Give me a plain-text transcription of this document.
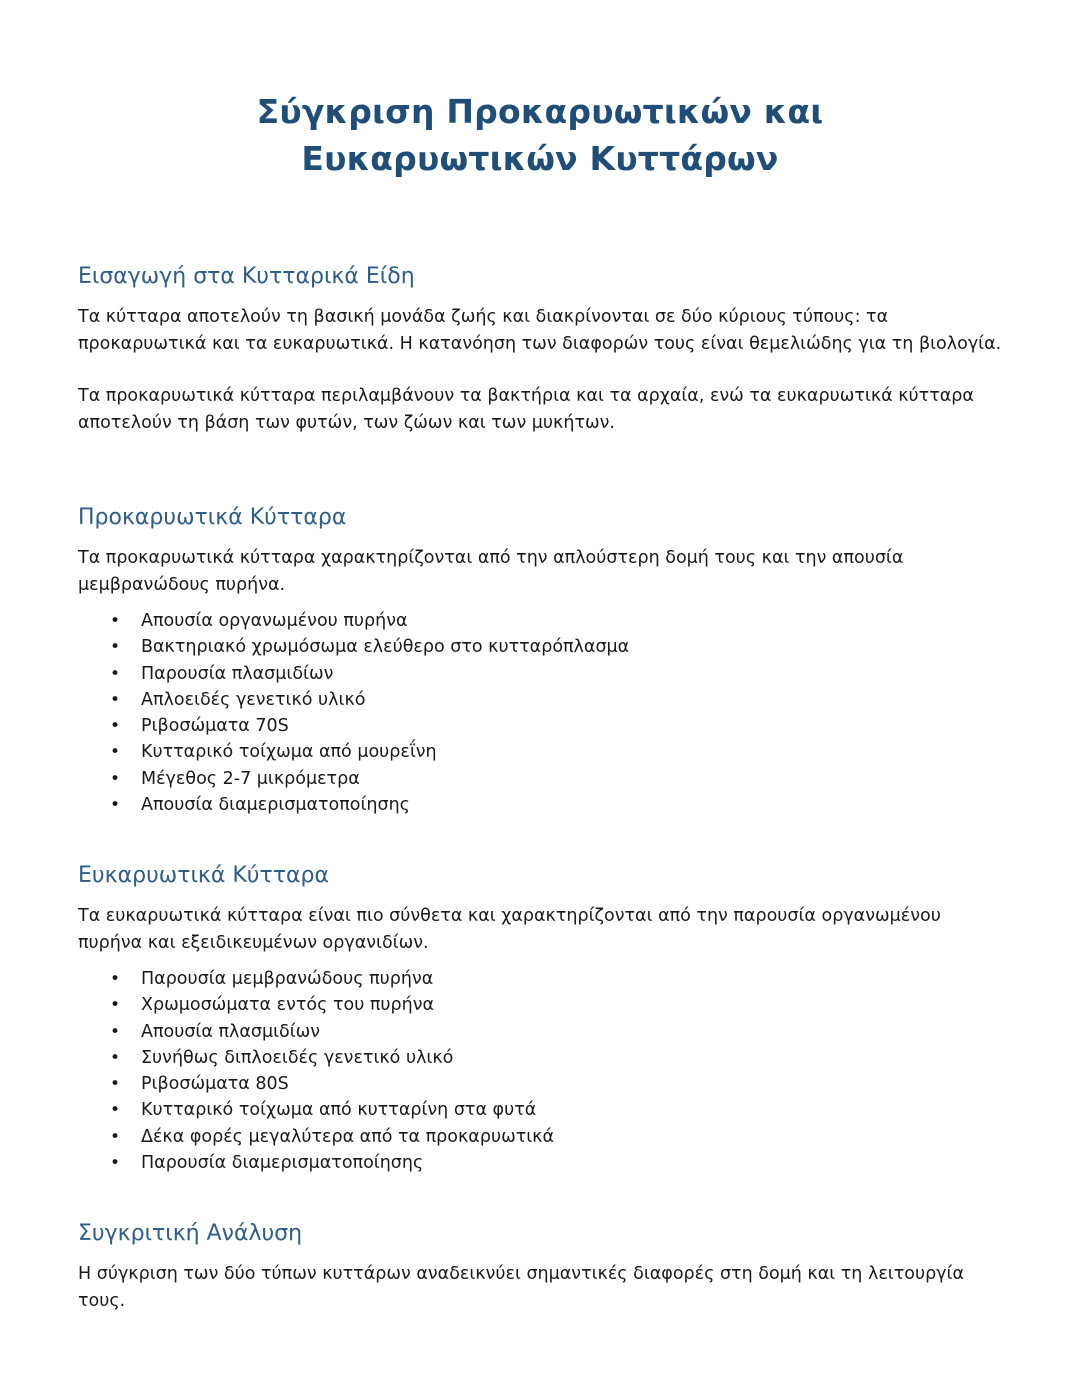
Σύγκριση Προκαρυωτικών και Ευκαρυωτικών Κυττάρων
Εισαγωγή στα Κυτταρικά Είδη

Τα κύτταρα αποτελούν τη βασική μονάδα ζωής και διακρίνονται σε δύο κύριους τύπους: τα προκαρυωτικά και τα ευκαρυωτικά. Η κατανόηση των διαφορών τους είναι θεμελιώδης για τη βιολογία.

Τα προκαρυωτικά κύτταρα περιλαμβάνουν τα βακτήρια και τα αρχαία, ενώ τα ευκαρυωτικά κύτταρα αποτελούν τη βάση των φυτών, των ζώων και των μυκήτων.

Προκαρυωτικά Κύτταρα

Τα προκαρυωτικά κύτταρα χαρακτηρίζονται από την απλούστερη δομή τους και την απουσία μεμβρανώδους πυρήνα.

• Απουσία οργανωμένου πυρήνα
• Βακτηριακό χρωμόσωμα ελεύθερο στο κυτταρόπλασμα
• Παρουσία πλασμιδίων
• Απλοειδές γενετικό υλικό
• Ριβοσώματα 70S
• Κυτταρικό τοίχωμα από μουρεΐνη
• Μέγεθος 2-7 μικρόμετρα
• Απουσία διαμερισματοποίησης
Ευκαρυωτικά Κύτταρα

Τα ευκαρυωτικά κύτταρα είναι πιο σύνθετα και χαρακτηρίζονται από την παρουσία οργανωμένου πυρήνα και εξειδικευμένων οργανιδίων.

• Παρουσία μεμβρανώδους πυρήνα
• Χρωμοσώματα εντός του πυρήνα
• Απουσία πλασμιδίων
• Συνήθως διπλοειδές γενετικό υλικό
• Ριβοσώματα 80S
• Κυτταρικό τοίχωμα από κυτταρίνη στα φυτά
• Δέκα φορές μεγαλύτερα από τα προκαρυωτικά
• Παρουσία διαμερισματοποίησης
Συγκριτική Ανάλυση

Η σύγκριση των δύο τύπων κυττάρων αναδεικνύει σημαντικές διαφορές στη δομή και τη λειτουργία τους.
